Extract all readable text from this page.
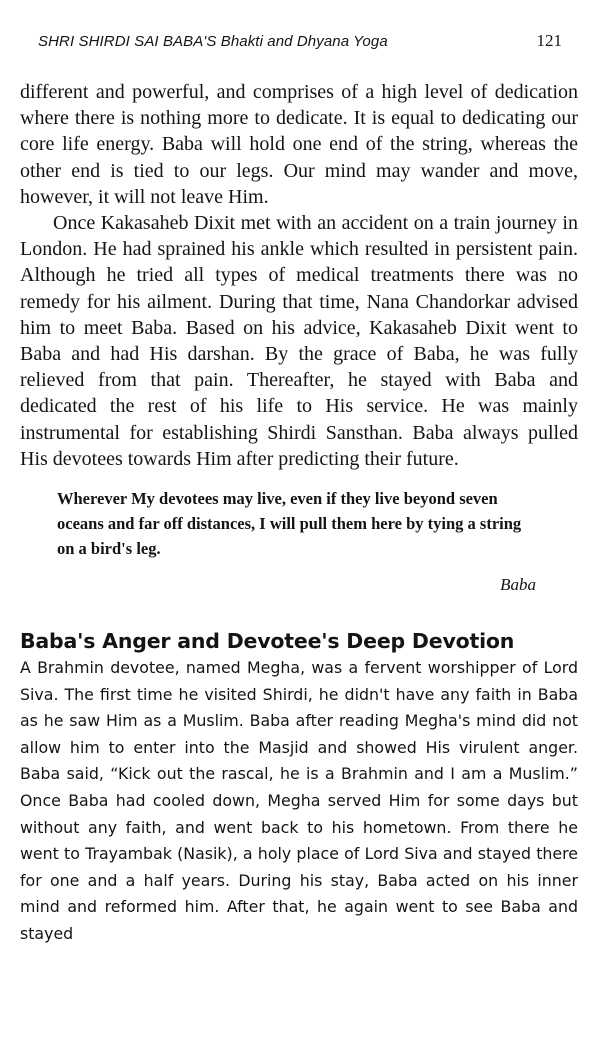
SHRI SHIRDI SAI BABA'S Bhakti and Dhyana Yoga	121

different and powerful, and comprises of a high level of dedication where there is nothing more to dedicate. It is equal to dedicating our core life energy. Baba will hold one end of the string, whereas the other end is tied to our legs. Our mind may wander and move, however, it will not leave Him.

Once Kakasaheb Dixit met with an accident on a train journey in London. He had sprained his ankle which resulted in persistent pain. Although he tried all types of medical treatments there was no remedy for his ailment. During that time, Nana Chandorkar advised him to meet Baba. Based on his advice, Kakasaheb Dixit went to Baba and had His darshan. By the grace of Baba, he was fully relieved from that pain. Thereafter, he stayed with Baba and dedicated the rest of his life to His service. He was mainly instrumental for establishing Shirdi Sansthan. Baba always pulled His devotees towards Him after predicting their future.

Wherever My devotees may live, even if they live beyond seven oceans and far off distances, I will pull them here by tying a string on a bird's leg.
Baba
Baba's Anger and Devotee's Deep Devotion

A Brahmin devotee, named Megha, was a fervent worshipper of Lord Siva. The first time he visited Shirdi, he didn't have any faith in Baba as he saw Him as a Muslim. Baba after reading Megha's mind did not allow him to enter into the Masjid and showed His virulent anger. Baba said, “Kick out the rascal, he is a Brahmin and I am a Muslim.” Once Baba had cooled down, Megha served Him for some days but without any faith, and went back to his hometown. From there he went to Trayambak (Nasik), a holy place of Lord Siva and stayed there for one and a half years. During his stay, Baba acted on his inner mind and reformed him. After that, he again went to see Baba and stayed
